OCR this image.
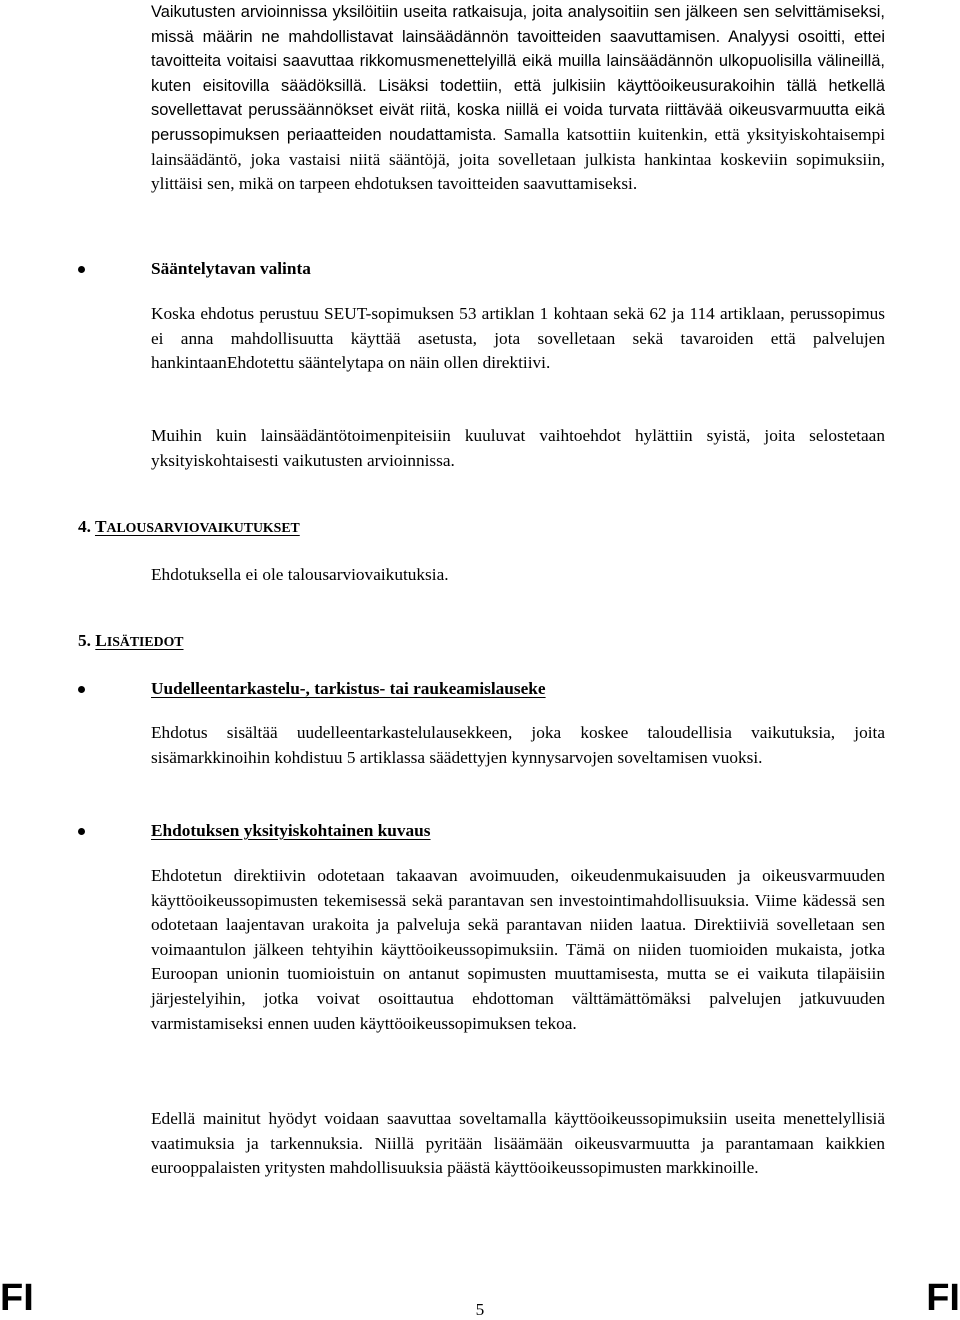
Vaikutusten arvioinnissa yksilöitiin useita ratkaisuja, joita analysoitiin sen jälkeen sen selvittämiseksi, missä määrin ne mahdollistavat lainsäädännön tavoitteiden saavuttamisen. Analyysi osoitti, ettei tavoitteita voitaisi saavuttaa rikkomusmenettelyillä eikä muilla lainsäädännön ulkopuolisilla välineillä, kuten eisitovilla säädöksillä. Lisäksi todettiin, että julkisiin käyttöoikeusurakoihin tällä hetkellä sovellettavat perussäännökset eivät riitä, koska niillä ei voida turvata riittävää oikeusvarmuutta eikä perussopimuksen periaatteiden noudattamista. Samalla katsottiin kuitenkin, että yksityiskohtaisempi lainsäädäntö, joka vastaisi niitä sääntöjä, joita sovelletaan julkista hankintaa koskeviin sopimuksiin, ylittäisi sen, mikä on tarpeen ehdotuksen tavoitteiden saavuttamiseksi.

Sääntelytavan valinta

Koska ehdotus perustuu SEUT-sopimuksen 53 artiklan 1 kohtaan sekä 62 ja 114 artiklaan, perussopimus ei anna mahdollisuutta käyttää asetusta, jota sovelletaan sekä tavaroiden että palvelujen hankintaanEhdotettu sääntelytapa on näin ollen direktiivi.

Muihin kuin lainsäädäntötoimenpiteisiin kuuluvat vaihtoehdot hylättiin syistä, joita selostetaan yksityiskohtaisesti vaikutusten arvioinnissa.

4. TALOUSARVIOVAIKUTUKSET

Ehdotuksella ei ole talousarviovaikutuksia.

5. LISÄTIEDOT

Uudelleentarkastelu-, tarkistus- tai raukeamislauseke

Ehdotus sisältää uudelleentarkastelulausekkeen, joka koskee taloudellisia vaikutuksia, joita sisämarkkinoihin kohdistuu 5 artiklassa säädettyjen kynnysarvojen soveltamisen vuoksi.

Ehdotuksen yksityiskohtainen kuvaus

Ehdotetun direktiivin odotetaan takaavan avoimuuden, oikeudenmukaisuuden ja oikeusvarmuuden käyttöoikeussopimusten tekemisessä sekä parantavan sen investointimahdollisuuksia. Viime kädessä sen odotetaan laajentavan urakoita ja palveluja sekä parantavan niiden laatua. Direktiiviä sovelletaan sen voimaantulon jälkeen tehtyihin käyttöoikeussopimuksiin. Tämä on niiden tuomioiden mukaista, jotka Euroopan unionin tuomioistuin on antanut sopimusten muuttamisesta, mutta se ei vaikuta tilapäisiin järjestelyihin, jotka voivat osoittautua ehdottoman välttämättömäksi palvelujen jatkuvuuden varmistamiseksi ennen uuden käyttöoikeussopimuksen tekoa.

Edellä mainitut hyödyt voidaan saavuttaa soveltamalla käyttöoikeussopimuksiin useita menettelyllisiä vaatimuksia ja tarkennuksia. Niillä pyritään lisäämään oikeusvarmuutta ja parantamaan kaikkien eurooppalaisten yritysten mahdollisuuksia päästä käyttöoikeussopimusten markkinoille.

FI	5	FI
